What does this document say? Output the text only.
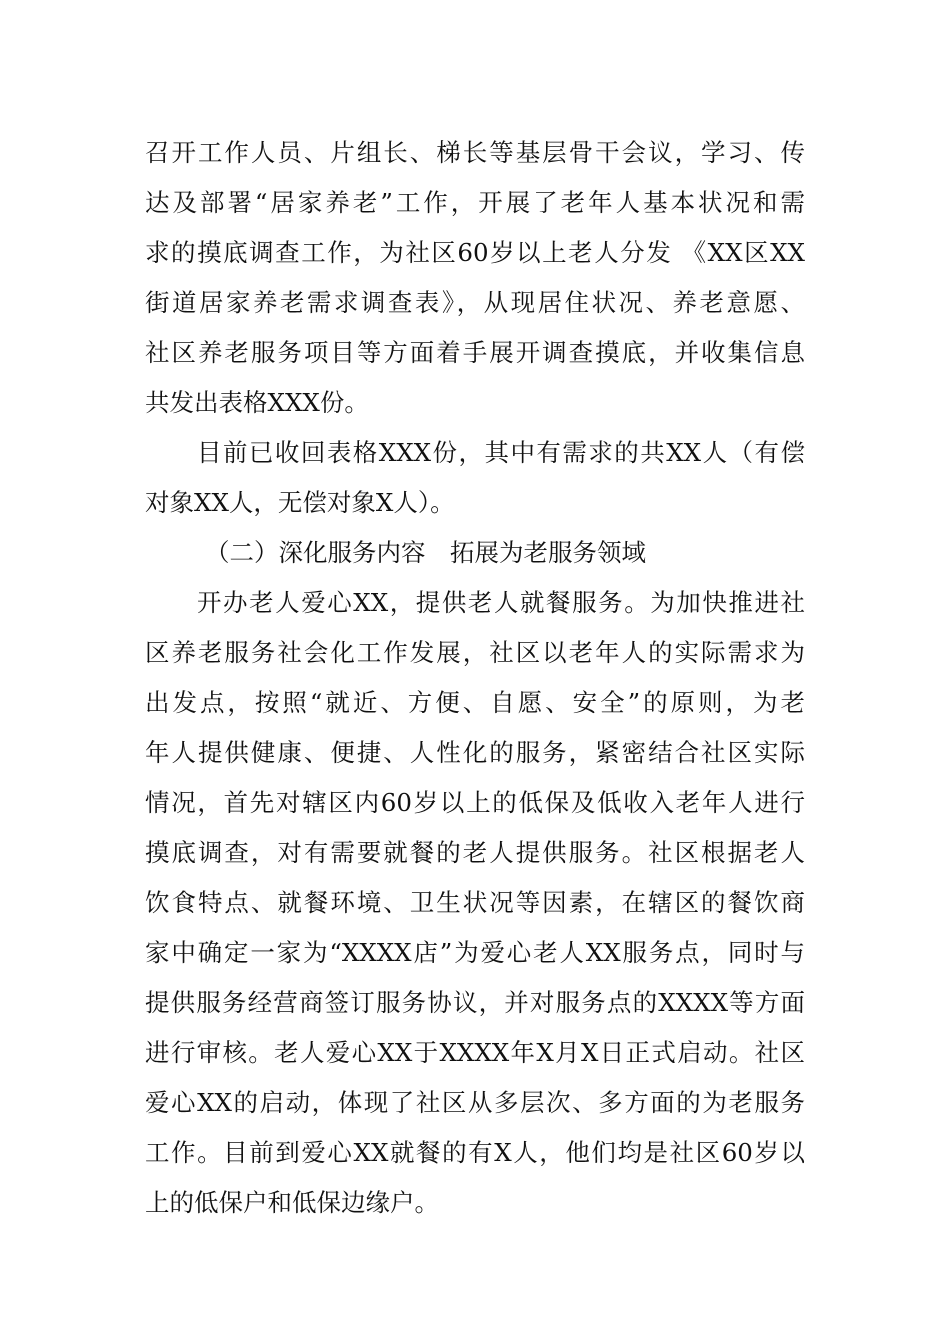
召开工作人员、片组长、梯长等基层骨干会议，学习、传
达及部署“居家养老”工作，开展了老年人基本状况和需
求的摸底调查工作，为社区60岁以上老人分发 《XX区XX
街道居家养老需求调查表》，从现居住状况、养老意愿、
社区养老服务项目等方面着手展开调查摸底，并收集信息
共发出表格XXX份。
目前已收回表格XXX份，其中有需求的共XX人（有偿
对象XX人，无偿对象X人）。
（二）深化服务内容　拓展为老服务领域
开办老人爱心XX，提供老人就餐服务。为加快推进社
区养老服务社会化工作发展，社区以老年人的实际需求为
出发点，按照“就近、方便、自愿、安全”的原则，为老
年人提供健康、便捷、人性化的服务，紧密结合社区实际
情况，首先对辖区内60岁以上的低保及低收入老年人进行
摸底调查，对有需要就餐的老人提供服务。社区根据老人
饮食特点、就餐环境、卫生状况等因素，在辖区的餐饮商
家中确定一家为“XXXX店”为爱心老人XX服务点，同时与
提供服务经营商签订服务协议，并对服务点的XXXX等方面
进行审核。老人爱心XX于XXXX年X月X日正式启动。社区
爱心XX的启动，体现了社区从多层次、多方面的为老服务
工作。目前到爱心XX就餐的有X人，他们均是社区60岁以
上的低保户和低保边缘户。
